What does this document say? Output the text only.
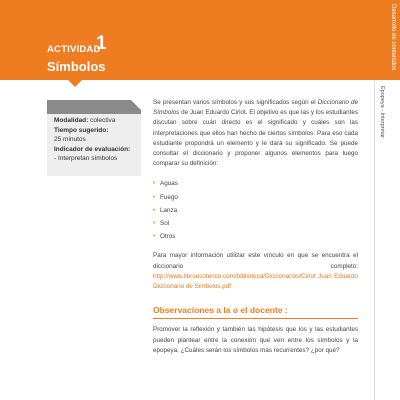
ACTIVIDAD
1
Símbolos	Desarrollo de contenidos
Epopeya - Interpretar
Modalidad: colectiva
Tiempo sugerido:
25 minutos
Indicador de evaluación:
- Interpretan símbolos

Se presentan varios símbolos y sus significados según el Diccionario de Símbolos de Juan Eduardo Cirlot. El objetivo es que las y los estudiantes discutan sobre cuán directo es el significado y cuáles son las interpretaciones que ellos han hecho de ciertos símbolos. Para eso cada estudiante propondrá un elemento y le dará su significado. Se puede consultar el diccionario y proponer algunos elementos para luego comparar su definición:

• Aguas
• Fuego
• Lanza
• Sol
• Otros

Para mayor información utilizar este vínculo en que se encuentra el diccionario completo: http://www.libroesoterico.com/biblioteca/Diccionarios/Cirlot Juan Eduardo Diccionario de Simbolos.pdf

Observaciones a la o el docente :
Promover la reflexión y también las hipótesis que los y las estudiantes pueden plantear entre la conexión que ven entre los símbolos y la epopeya. ¿Cuáles serán los símbolos más recurrentes? ¿por qué?
